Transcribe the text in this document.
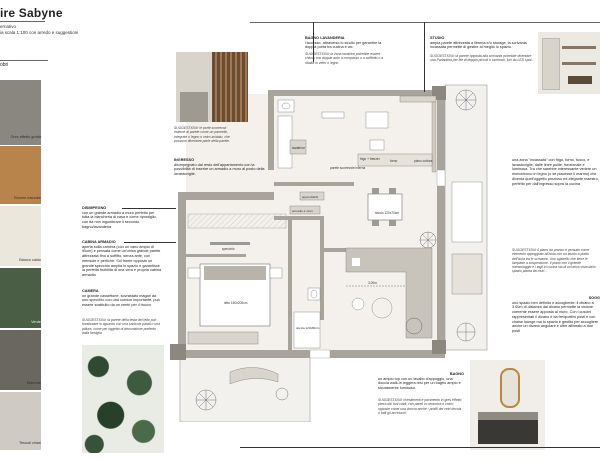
ire Sabyne
ernativo
ia scala 1:100 con arredo e suggestioni
obri
Gres effetto grotta
Rovere naturale
Bianco caldo
Verde
Marrone
Tessuti chiari
lavatrice
frigo + freezer	forno	piano cottura
parete scorrevole interna
tavolo 120x70cm
appendiabiti
armadio a muro
specchio
letto 160x200cm
doccia 120x80cm
3.00m
BAGNO LAVANDERIA
l'accesso, attraverso lo studio per garantire la doppia porta tra cucina e wc.
SUGGESTIONI: la zona lavatrice potrebbe essere chiusa con doppie ante a compasso o a soffietto o a ribalta in vetro o legno
STUDIO
ampia parete attrezzata a libreria e/o storage, la scrivania incassata permette di gestire al meglio lo spazio.
SUGGESTIONI: la parete opposta alla scrivania potrebbe diventare una Parlantina per file di doppia piccoli o lucernari, luci da LED spot...
SUGGESTIONI: le porte scorrevoli esterne al parete come un pannello, integrate o legno o vetro acidato, che possono diventare parte della parete.
INGRESSO
disimpegnato dal resto dell'appartamento con la possibilità di inserire un armadio a muro al posto della lavastoviglie.
DISIMPEGNO
con un grande armadio a muro perfetto per tutta la biancheria di casa e come ripostiglio, con da non ingombrare il secondo bagno/lavanderia
CABINA ARMADIO
aperta sulla camera (con un vano ampio di 90cm) e pensata come un'unica grande parete attrezzata fino a soffitto, senza ante, con mensole e pertiche. Sul fronte opposto un grande specchio amplia lo spazio e garantisce la perfetta fruibilità di una vera e propria cabina armadio
CAMERA
un grande cassettone, sovrastato magari da uno specchio con una cornice importante, può essere sostituito da un ventri per il trucco
SUGGESTIONI: la parete della testa del letto può focalizzare lo sguardo con una carta da parati o una pittura, come per oggetto di decorazione preferito dalla famiglia
una zona "incassata" con frigo, forno, fuoco, e lavastoviglie; dalle linee pulite, funzionale e luminosa. Tra che sarebbe interessante vedere un monoblocco in legno (o se piacesse il marmo) che diventa quell'oggetto prezioso ed elegante maestro, perfetto per dall'ingresso sopra la cucina
SUGGESTIONI: il piano da pranzo è pensato come elemento appoggiato all'isola con un tavolo a piatto dell'isola tra le scrivanie. Uno sgabello che tiene le lampade a sospensione. Il piano con il grande mensolaggio e i tagli in cucina sia di un'unica vista dallo spazio pianta da muri...
SOGG
uno spazio ben definito e accogliente: il divano a 3.00m di distanza dal divano permette la visione coerente essere apposta al muro. Con i cuscini rappresentati il divano è da tre/quattro posti e con chaise lounge ma lo spazio è gestito per accogliere anche un divano angolare e oltre allineato a due posti
BAGNO
un ampio top con un lavabo d'appoggio, una doccia walk-in leggera resi per un bagno ampio e sicuramente luminoso.
SUGGESTIONI: rivestimenti e pavimento in gres effetto pietra dai toni caldi, con pareti in ceramica o colori, opposte come una doccia anche / profili dei vetri doccia o tutti gli accessori.
